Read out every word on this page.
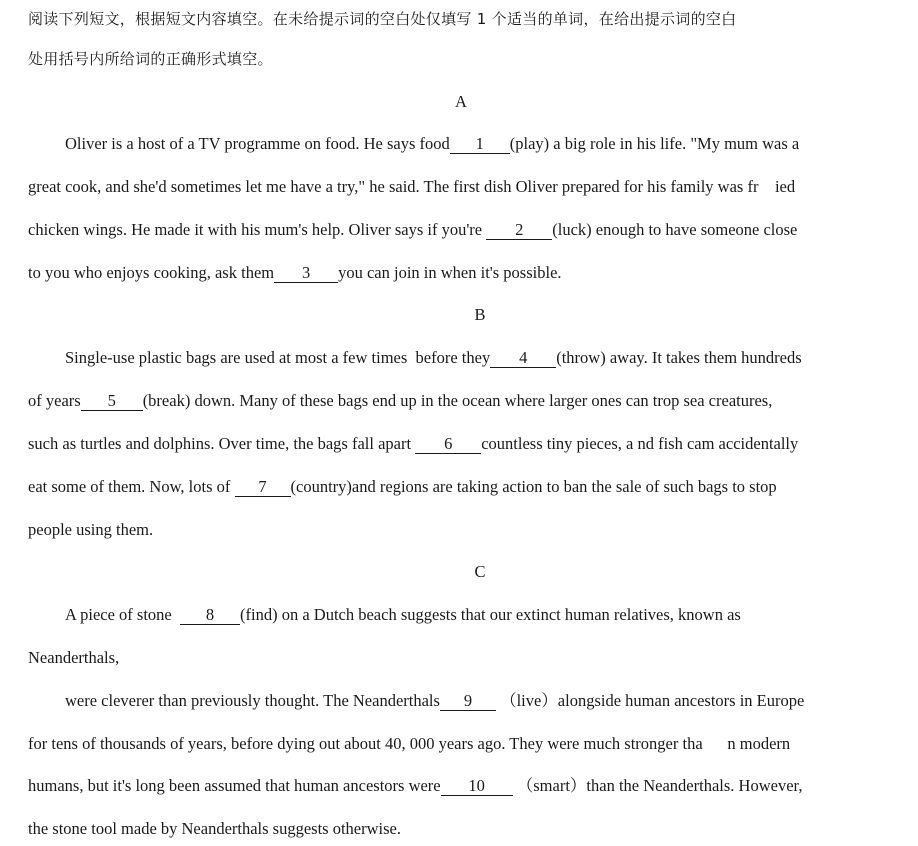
阅读下列短文，根据短文内容填空。在未给提示词的空白处仅填写 1 个适当的单词，在给出提示词的空白
处用括号内所给词的正确形式填空。
A
Oliver is a host of a TV programme on food. He says food 1 (play) a big role in his life. "My mum was a
great cook, and she'd sometimes let me have a try," he said. The first dish Oliver prepared for his family was fr    ied
chicken wings. He made it with his mum's help. Oliver says if you're 2 (luck) enough to have someone close
to you who enjoys cooking, ask them 3 you can join in when it's possible.
B
Single-use plastic bags are used at most a few times  before they 4 (throw) away. It takes them hundreds
of years 5 (break) down. Many of these bags end up in the ocean where larger ones can trop sea creatures,
such as turtles and dolphins. Over time, the bags fall apart 6 countless tiny pieces, a nd fish cam accidentally
eat some of them. Now, lots of 7 (country)and regions are taking action to ban the sale of such bags to stop
people using them.
C
A piece of stone  8 (find) on a Dutch beach suggests that our extinct human relatives, known as
Neanderthals,
were cleverer than previously thought. The Neanderthals 9 （live）alongside human ancestors in Europe
for tens of thousands of years, before dying out about 40, 000 years ago. They were much stronger tha      n modern
humans, but it's long been assumed that human ancestors were 10 （smart）than the Neanderthals. However,
the stone tool made by Neanderthals suggests otherwise.
